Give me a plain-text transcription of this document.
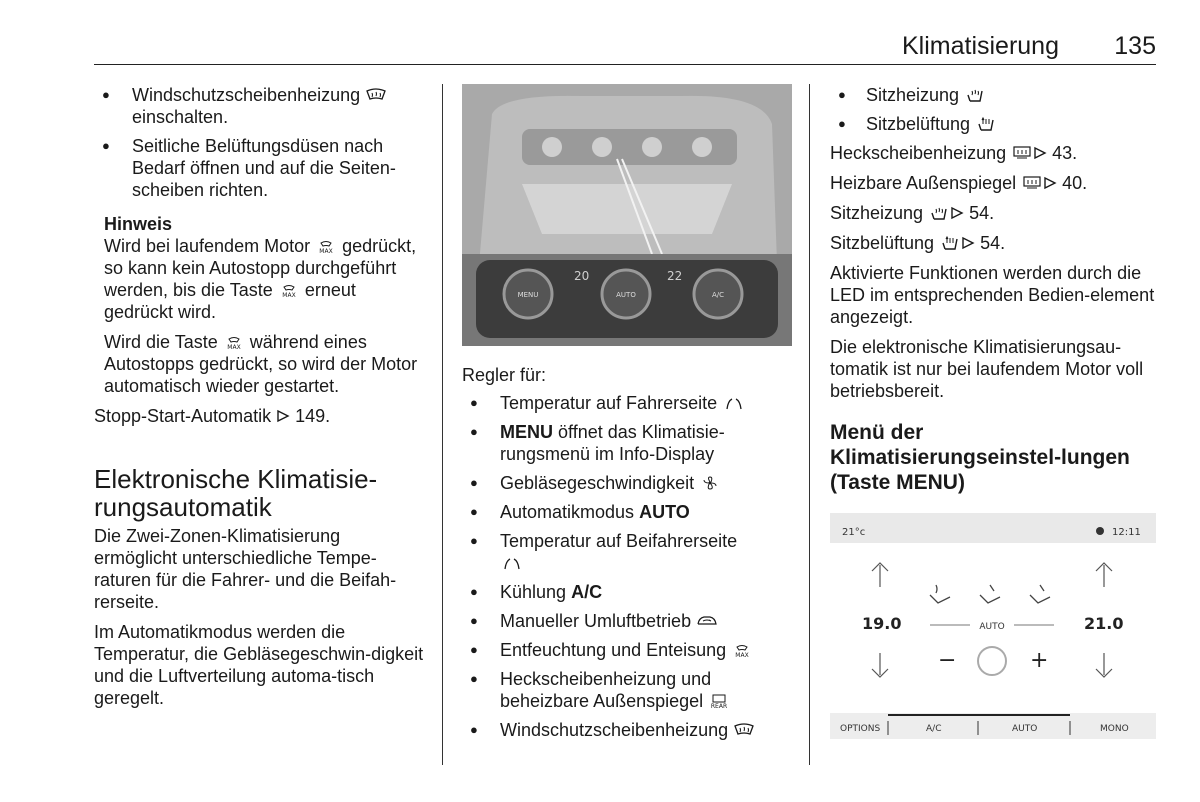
Klimatisierung 135
● Windschutzscheibenheizung
einschalten.
● Seitliche Belüftungsdüsen nach Bedarf öffnen und auf die Seiten-scheiben richten.
Hinweis

Wird bei laufendem Motor gedrückt, so kann kein Autostopp durchgeführt werden, bis die Taste erneut gedrückt wird.

Wird die Taste während eines Autostopps gedrückt, so wird der Motor automatisch wieder gestartet.

Stopp-Start-Automatik 149.

Elektronische Klimatisie-rungsautomatik

Die Zwei-Zonen-Klimatisierung ermöglicht unterschiedliche Tempe-raturen für die Fahrer- und die Beifah-rerseite.

Im Automatikmodus werden die Temperatur, die Gebläsegeschwin-digkeit und die Luftverteilung automa-tisch geregelt.

20	22
MENU	AUTO	A/C

Regler für:

● Temperatur auf Fahrerseite
● MENU öffnet das Klimatisie-rungsmenü im Info-Display
● Gebläsegeschwindigkeit
● Automatikmodus AUTO
● Temperatur auf Beifahrerseite

● Kühlung A/C
● Manueller Umluftbetrieb
● Entfeuchtung und Enteisung
● Heckscheibenheizung und beheizbare Außenspiegel
● Windschutzscheibenheizung
● Sitzheizung
● Sitzbelüftung

Heckscheibenheizung	43.

Heizbare Außenspiegel	40.

Sitzheizung	54.

Sitzbelüftung	54.

Aktivierte Funktionen werden durch die LED im entsprechenden Bedien-element angezeigt.

Die elektronische Klimatisierungsau-tomatik ist nur bei laufendem Motor voll betriebsbereit.

Menü der Klimatisierungseinstel-lungen (Taste MENU)
21°c	12:11
19.0	21.0
AUTO
−	+
OPTIONS	A/C	AUTO	MONO
